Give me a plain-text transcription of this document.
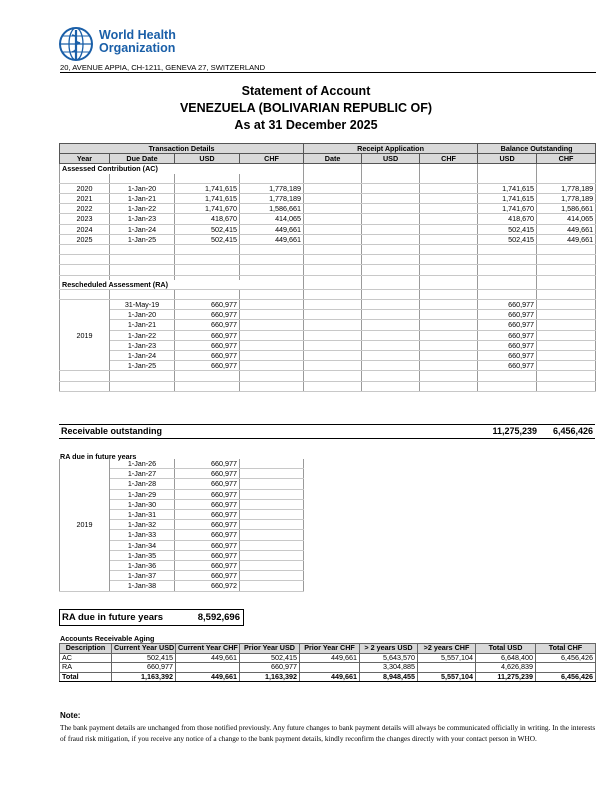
World Health
Organization
20, AVENUE APPIA, CH-1211, GENEVA 27, SWITZERLAND
Statement of Account
VENEZUELA (BOLIVARIAN REPUBLIC OF)
As at 31 December 2025
Transaction Details				Receipt Application			Balance Outstanding	
Year	Due Date	USD	CHF	Date	USD	CHF	USD	CHF
Assessed Contribution (AC)								

2020	1-Jan-20	1,741,615	1,778,189				1,741,615	1,778,189
2021	1-Jan-21	1,741,615	1,778,189				1,741,615	1,778,189
2022	1-Jan-22	1,741,670	1,586,661				1,741,670	1,586,661
2023	1-Jan-23	418,670	414,065				418,670	414,065
2024	1-Jan-24	502,415	449,661				502,415	449,661
2025	1-Jan-25	502,415	449,661				502,415	449,661

Rescheduled Assessment (RA)								

2019	31-May-19	660,977					660,977	
	1-Jan-20	660,977					660,977	
	1-Jan-21	660,977					660,977	
	1-Jan-22	660,977					660,977	
	1-Jan-23	660,977					660,977	
	1-Jan-24	660,977					660,977	
	1-Jan-25	660,977					660,977	

Receivable outstanding	11,275,239 6,456,426
RA due in future years
2019	1-Jan-26	660,977	
	1-Jan-27	660,977	
	1-Jan-28	660,977	
	1-Jan-29	660,977	
	1-Jan-30	660,977	
	1-Jan-31	660,977	
	1-Jan-32	660,977	
	1-Jan-33	660,977	
	1-Jan-34	660,977	
	1-Jan-35	660,977	
	1-Jan-36	660,977	
	1-Jan-37	660,977	
	1-Jan-38	660,972	
RA due in future years	8,592,696
Accounts Receivable Aging
Description	Current Year USD	Current Year CHF	Prior Year USD	Prior Year CHF	> 2 years USD	>2 years CHF	Total USD	Total CHF
AC	502,415	449,661	502,415	449,661	5,643,570	5,557,104	6,648,400	6,456,426
RA	660,977		660,977		3,304,885		4,626,839	
Total	1,163,392	449,661	1,163,392	449,661	8,948,455	5,557,104	11,275,239	6,456,426
Note:
The bank payment details are unchanged from those notified previously. Any future changes to bank payment details will always be communicated officially in writing. In the interests of fraud risk mitigation, if you receive any notice of a change to the bank payment details, kindly reconfirm the changes directly with your contact person in WHO.
